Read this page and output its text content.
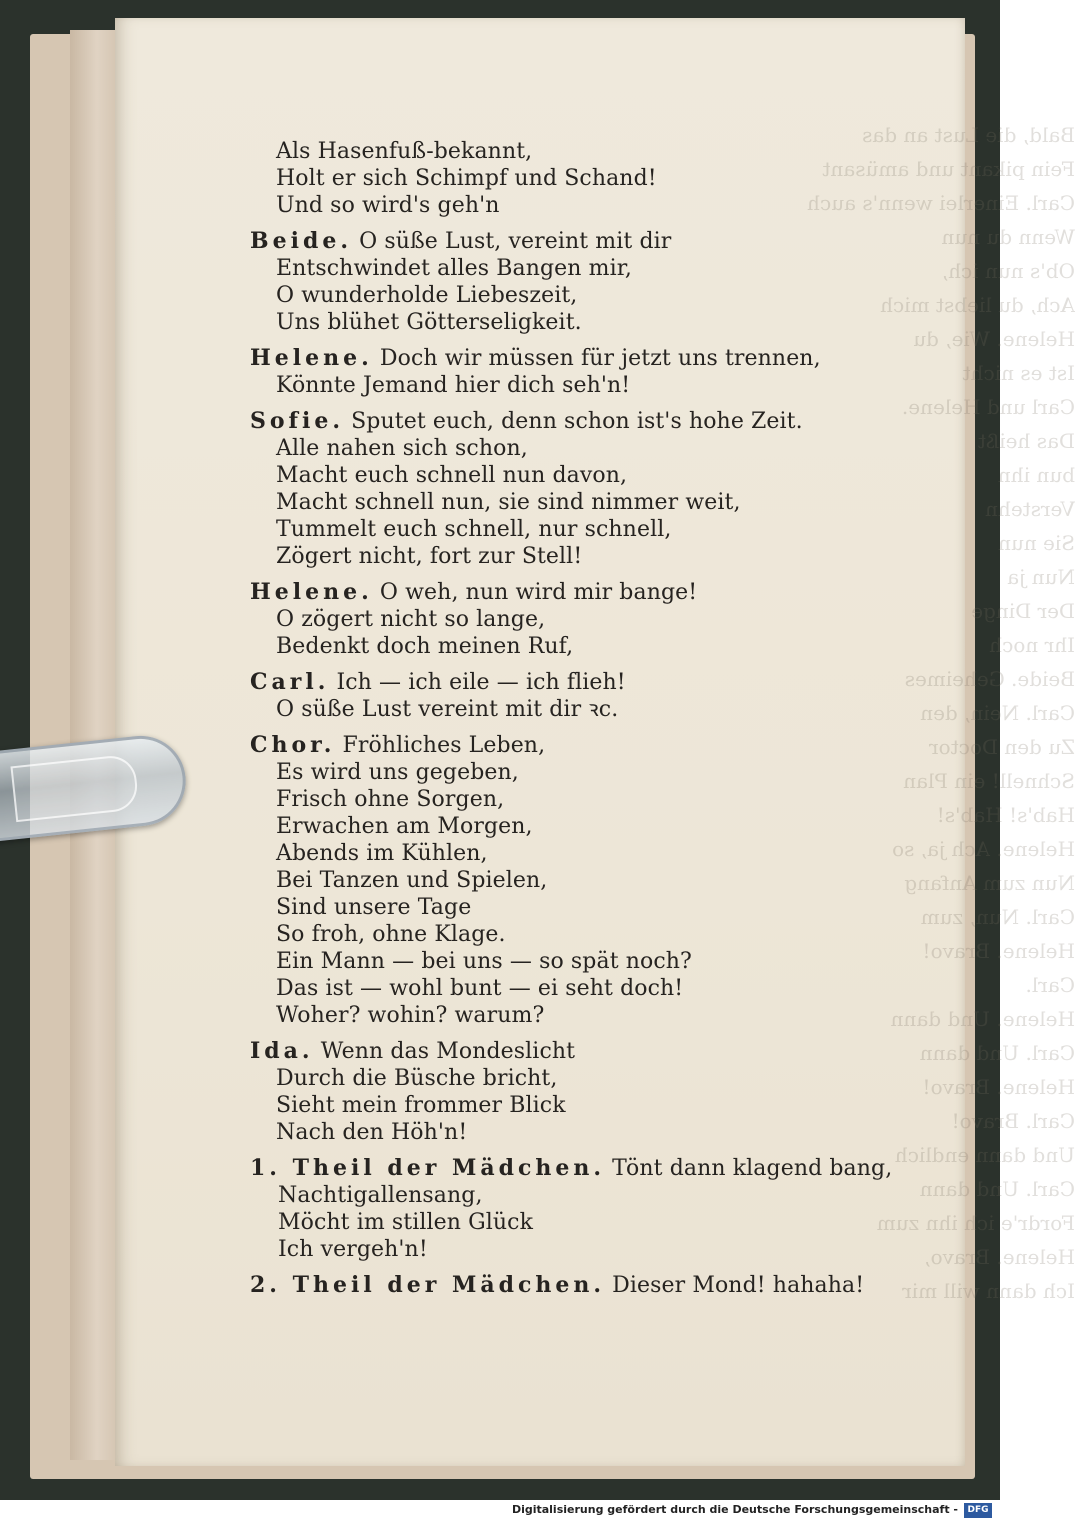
Bald, die Lust an das
Fein pikant und amüsant
Carl. Einerlei wenn's auch
Wenn du nun
Ob's nun ich,
Ach, du liebst mich
Helene. Wie, du
Ist es nicht
Carl und Helene.
Das heißt
bun ihn
Verstehn
Sie nun
Nun ja
Der Dinge
Ihr noch
Beide. Geheimes
Carl. Nein, den
Zu den Doctor
Schnell! ein Plan
Hab's! Hab's!
Helene. Ach ja, so
Nun zum Anfang
Carl. Nun, zum
Helene. Bravo!
Carl.
Helene. Und dann
Carl. Und dann
Helene. Bravo!
Carl. Bravo!
Und dann endlich
Carl. Und dann
Fordr'e ich ihn zum
Helene. Bravo,
Ich dann will mir
Als Hasenfuß-bekannt,
Holt er sich Schimpf und Schand!
Und so wird's geh'n
Beide. O süße Lust, vereint mit dir
Entschwindet alles Bangen mir,
O wunderholde Liebeszeit,
Uns blühet Götterseligkeit.
Helene. Doch wir müssen für jetzt uns trennen,
Könnte Jemand hier dich seh'n!
Sofie. Sputet euch, denn schon ist's hohe Zeit.
Alle nahen sich schon,
Macht euch schnell nun davon,
Macht schnell nun, sie sind nimmer weit,
Tummelt euch schnell, nur schnell,
Zögert nicht, fort zur Stell!
Helene. O weh, nun wird mir bange!
O zögert nicht so lange,
Bedenkt doch meinen Ruf,
Carl. Ich — ich eile — ich flieh!
O süße Lust vereint mit dir ꝛc.
Chor. Fröhliches Leben,
Es wird uns gegeben,
Frisch ohne Sorgen,
Erwachen am Morgen,
Abends im Kühlen,
Bei Tanzen und Spielen,
Sind unsere Tage
So froh, ohne Klage.
Ein Mann — bei uns — so spät noch?
Das ist — wohl bunt — ei seht doch!
Woher? wohin? warum?
Ida. Wenn das Mondeslicht
Durch die Büsche bricht,
Sieht mein frommer Blick
Nach den Höh'n!
1. Theil der Mädchen. Tönt dann klagend bang,
Nachtigallensang,
Möcht im stillen Glück
Ich vergeh'n!
2. Theil der Mädchen. Dieser Mond! hahaha!
Digitalisierung gefördert durch die Deutsche Forschungsgemeinschaft -	DFG
